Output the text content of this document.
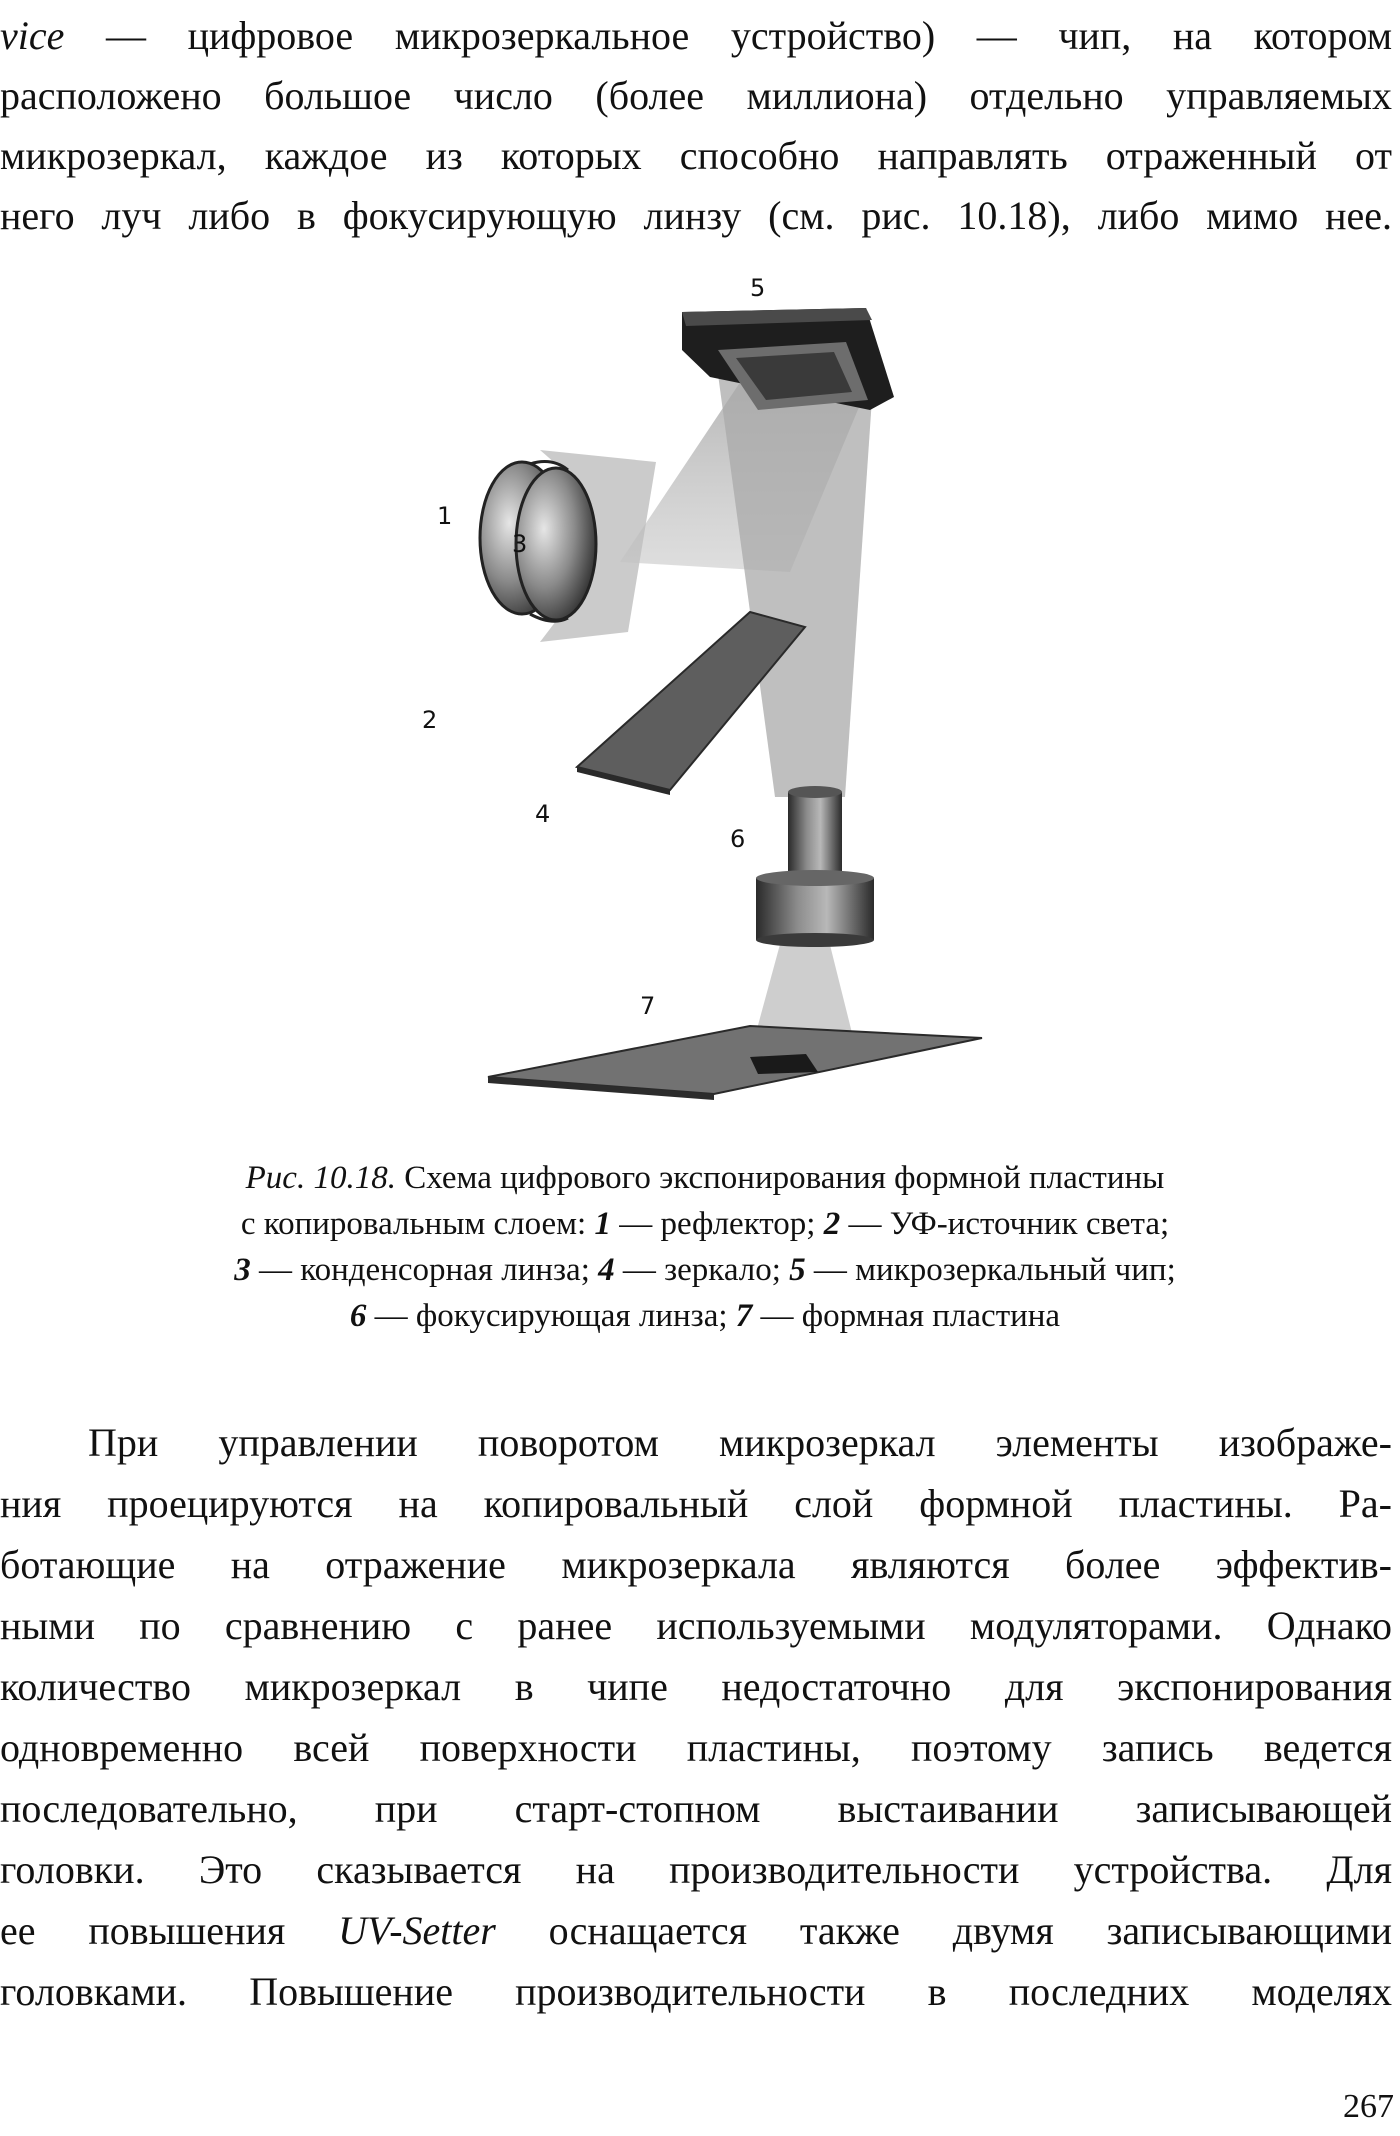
vice — цифровое микрозеркальное устройство) — чип, на котором
расположено большое число (более миллиона) отдельно управляемых
микрозеркал, каждое из которых способно направлять отраженный от
него луч либо в фокусирующую линзу (см. рис. 10.18), либо мимо нее.
5
1
3
2
4
6
7
Рис. 10.18. Схема цифрового экспонирования формной пластины
с копировальным слоем: 1 — рефлектор; 2 — УФ-источник света;
3 — конденсорная линза; 4 — зеркало; 5 — микрозеркальный чип;
6 — фокусирующая линза; 7 — формная пластина
При управлении поворотом микрозеркал элементы изображе-
ния проецируются на копировальный слой формной пластины. Ра-
ботающие на отражение микрозеркала являются более эффектив-
ными по сравнению с ранее используемыми модуляторами. Однако
количество микрозеркал в чипе недостаточно для экспонирования
одновременно всей поверхности пластины, поэтому запись ведется
последовательно, при старт-стопном выстаивании записывающей
головки. Это сказывается на производительности устройства. Для
ее повышения UV-Setter оснащается также двумя записывающими
головками. Повышение производительности в последних моделях
267
